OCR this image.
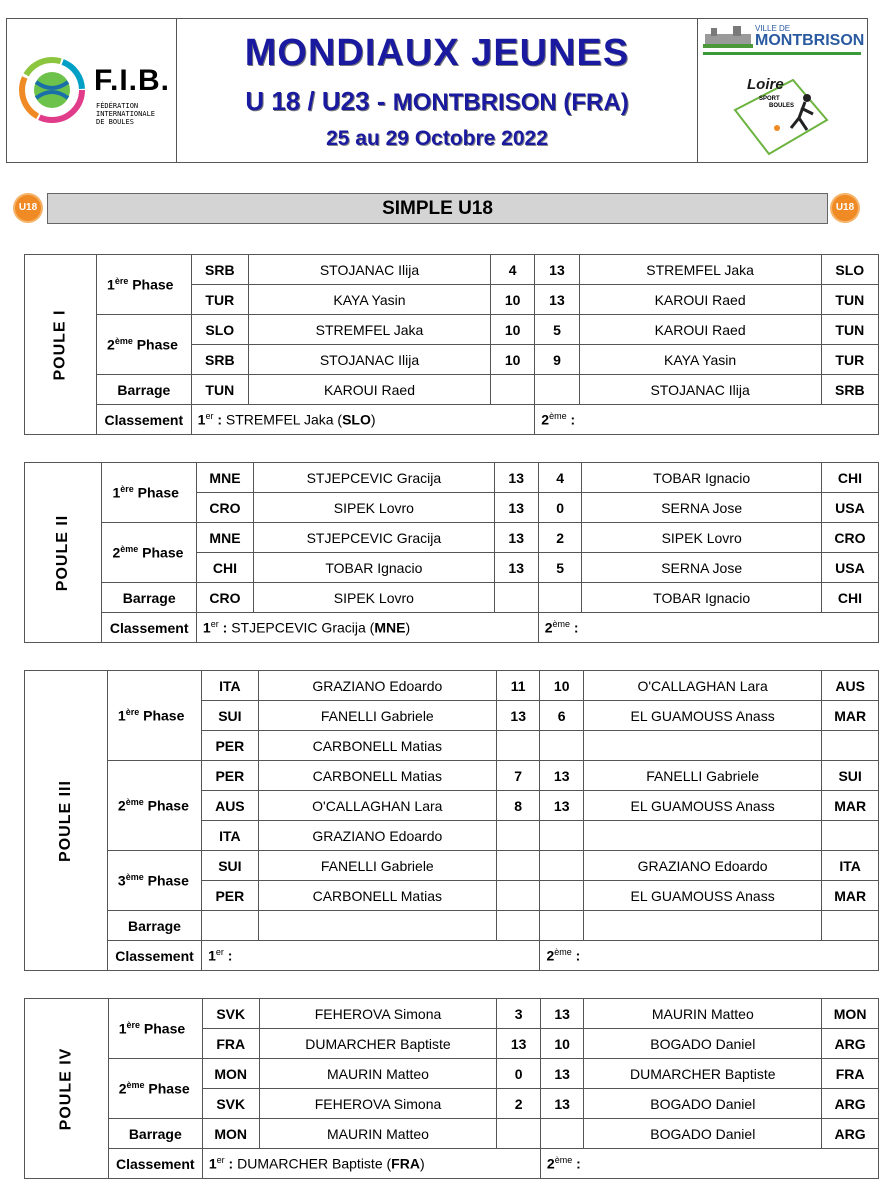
F.I.B.
FÉDÉRATION
INTERNATIONALE
DE BOULES
MONDIAUX JEUNES
U 18 / U23 - MONTBRISON (FRA)
25 au 29 Octobre 2022
VILLE DE
MONTBRISON
Loire
SPORT
BOULES
U18	SIMPLE U18	U18
POULE I	1ère Phase	SRB	STOJANAC Ilija	4	13	STREMFEL Jaka	SLO
		TUR	KAYA Yasin	10	13	KAROUI Raed	TUN
	2ème Phase	SLO	STREMFEL Jaka	10	5	KAROUI Raed	TUN
		SRB	STOJANAC Ilija	10	9	KAYA Yasin	TUR
	Barrage	TUN	KAROUI Raed			STOJANAC Ilija	SRB
	Classement	1er : STREMFEL Jaka (SLO)			2ème :		
POULE II	1ère Phase	MNE	STJEPCEVIC Gracija	13	4	TOBAR Ignacio	CHI
		CRO	SIPEK Lovro	13	0	SERNA Jose	USA
	2ème Phase	MNE	STJEPCEVIC Gracija	13	2	SIPEK Lovro	CRO
		CHI	TOBAR Ignacio	13	5	SERNA Jose	USA
	Barrage	CRO	SIPEK Lovro			TOBAR Ignacio	CHI
	Classement	1er : STJEPCEVIC Gracija (MNE)			2ème :		
POULE III	1ère Phase	ITA	GRAZIANO Edoardo	11	10	O'CALLAGHAN Lara	AUS
		SUI	FANELLI Gabriele	13	6	EL GUAMOUSS Anass	MAR
		PER	CARBONELL Matias				
	2ème Phase	PER	CARBONELL Matias	7	13	FANELLI Gabriele	SUI
		AUS	O'CALLAGHAN Lara	8	13	EL GUAMOUSS Anass	MAR
		ITA	GRAZIANO Edoardo				
	3ème Phase	SUI	FANELLI Gabriele			GRAZIANO Edoardo	ITA
		PER	CARBONELL Matias			EL GUAMOUSS Anass	MAR
	Barrage						
	Classement	1er :			2ème :		
POULE IV	1ère Phase	SVK	FEHEROVA Simona	3	13	MAURIN Matteo	MON
		FRA	DUMARCHER Baptiste	13	10	BOGADO Daniel	ARG
	2ème Phase	MON	MAURIN Matteo	0	13	DUMARCHER Baptiste	FRA
		SVK	FEHEROVA Simona	2	13	BOGADO Daniel	ARG
	Barrage	MON	MAURIN Matteo			BOGADO Daniel	ARG
	Classement	1er : DUMARCHER Baptiste (FRA)			2ème :		
